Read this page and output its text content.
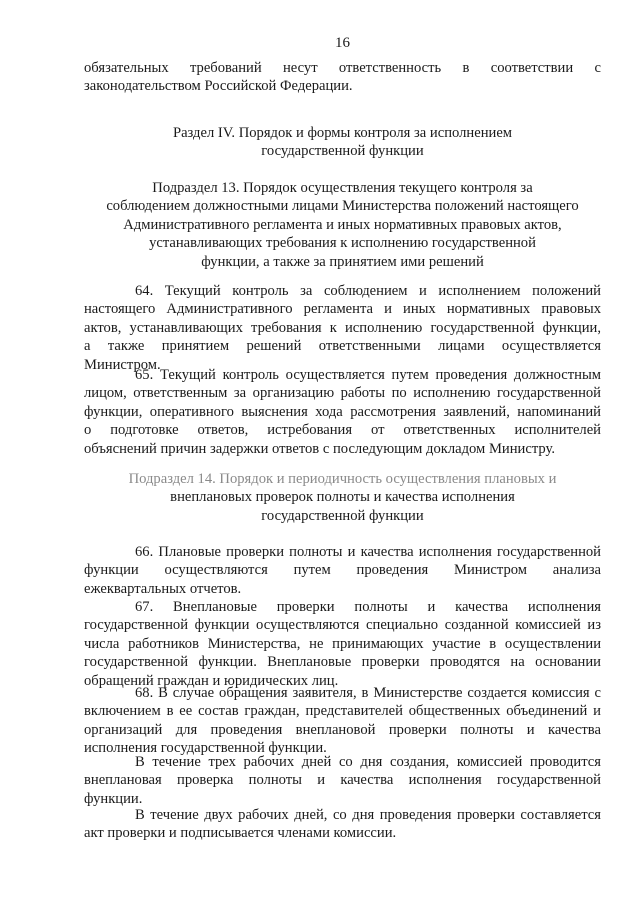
16

обязательных требований несут ответственность в соответствии с

законодательством Российской Федерации.

Раздел IV. Порядок и формы контроля за исполнением

государственной функции

Подраздел 13. Порядок осуществления текущего контроля за

соблюдением должностными лицами Министерства положений настоящего

Административного регламента и иных нормативных правовых актов,

устанавливающих требования к исполнению государственной

функции, а также за принятием ими решений

64. Текущий контроль за соблюдением и исполнением положений

настоящего Административного регламента и иных нормативных правовых

актов, устанавливающих требования к исполнению государственной функции,

а также принятием решений ответственными лицами осуществляется

Министром.

65. Текущий контроль осуществляется путем проведения должностным

лицом, ответственным за организацию работы по исполнению государственной

функции, оперативного выяснения хода рассмотрения заявлений, напоминаний

о подготовке ответов, истребования от ответственных исполнителей

объяснений причин задержки ответов с последующим докладом Министру.

Подраздел 14. Порядок и периодичность осуществления плановых и

внеплановых проверок полноты и качества исполнения

государственной функции

66. Плановые проверки полноты и качества исполнения государственной

функции осуществляются путем проведения Министром анализа

ежеквартальных отчетов.

67. Внеплановые проверки полноты и качества исполнения

государственной функции осуществляются специально созданной комиссией из

числа работников Министерства, не принимающих участие в осуществлении

государственной функции. Внеплановые проверки проводятся на основании

обращений граждан и юридических лиц.

68. В случае обращения заявителя, в Министерстве создается комиссия с

включением в ее состав граждан, представителей общественных объединений и

организаций для проведения внеплановой проверки полноты и качества

исполнения государственной функции.

В течение трех рабочих дней со дня создания, комиссией проводится

внеплановая проверка полноты и качества исполнения государственной

функции.

В течение двух рабочих дней, со дня проведения проверки составляется

акт проверки и подписывается членами комиссии.
